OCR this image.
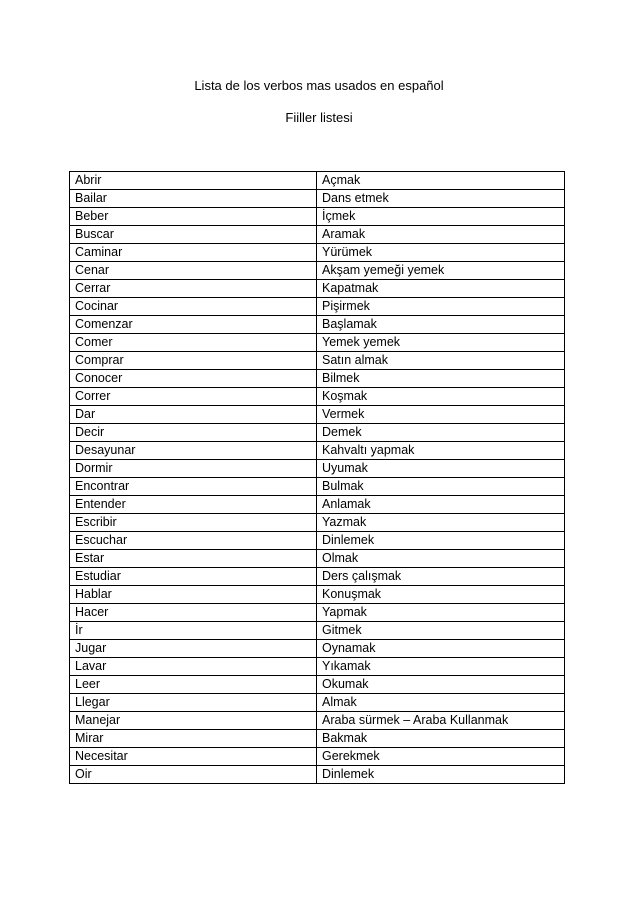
Lista de los verbos mas usados en español
Fiiller listesi
Abrir	Açmak
Bailar	Dans etmek
Beber	İçmek
Buscar	Aramak
Caminar	Yürümek
Cenar	Akşam yemeği yemek
Cerrar	Kapatmak
Cocinar	Pişirmek
Comenzar	Başlamak
Comer	Yemek yemek
Comprar	Satın almak
Conocer	Bilmek
Correr	Koşmak
Dar	Vermek
Decir	Demek
Desayunar	Kahvaltı yapmak
Dormir	Uyumak
Encontrar	Bulmak
Entender	Anlamak
Escribir	Yazmak
Escuchar	Dinlemek
Estar	Olmak
Estudiar	Ders çalışmak
Hablar	Konuşmak
Hacer	Yapmak
İr	Gitmek
Jugar	Oynamak
Lavar	Yıkamak
Leer	Okumak
Llegar	Almak
Manejar	Araba sürmek – Araba Kullanmak
Mirar	Bakmak
Necesitar	Gerekmek
Oir	Dinlemek
